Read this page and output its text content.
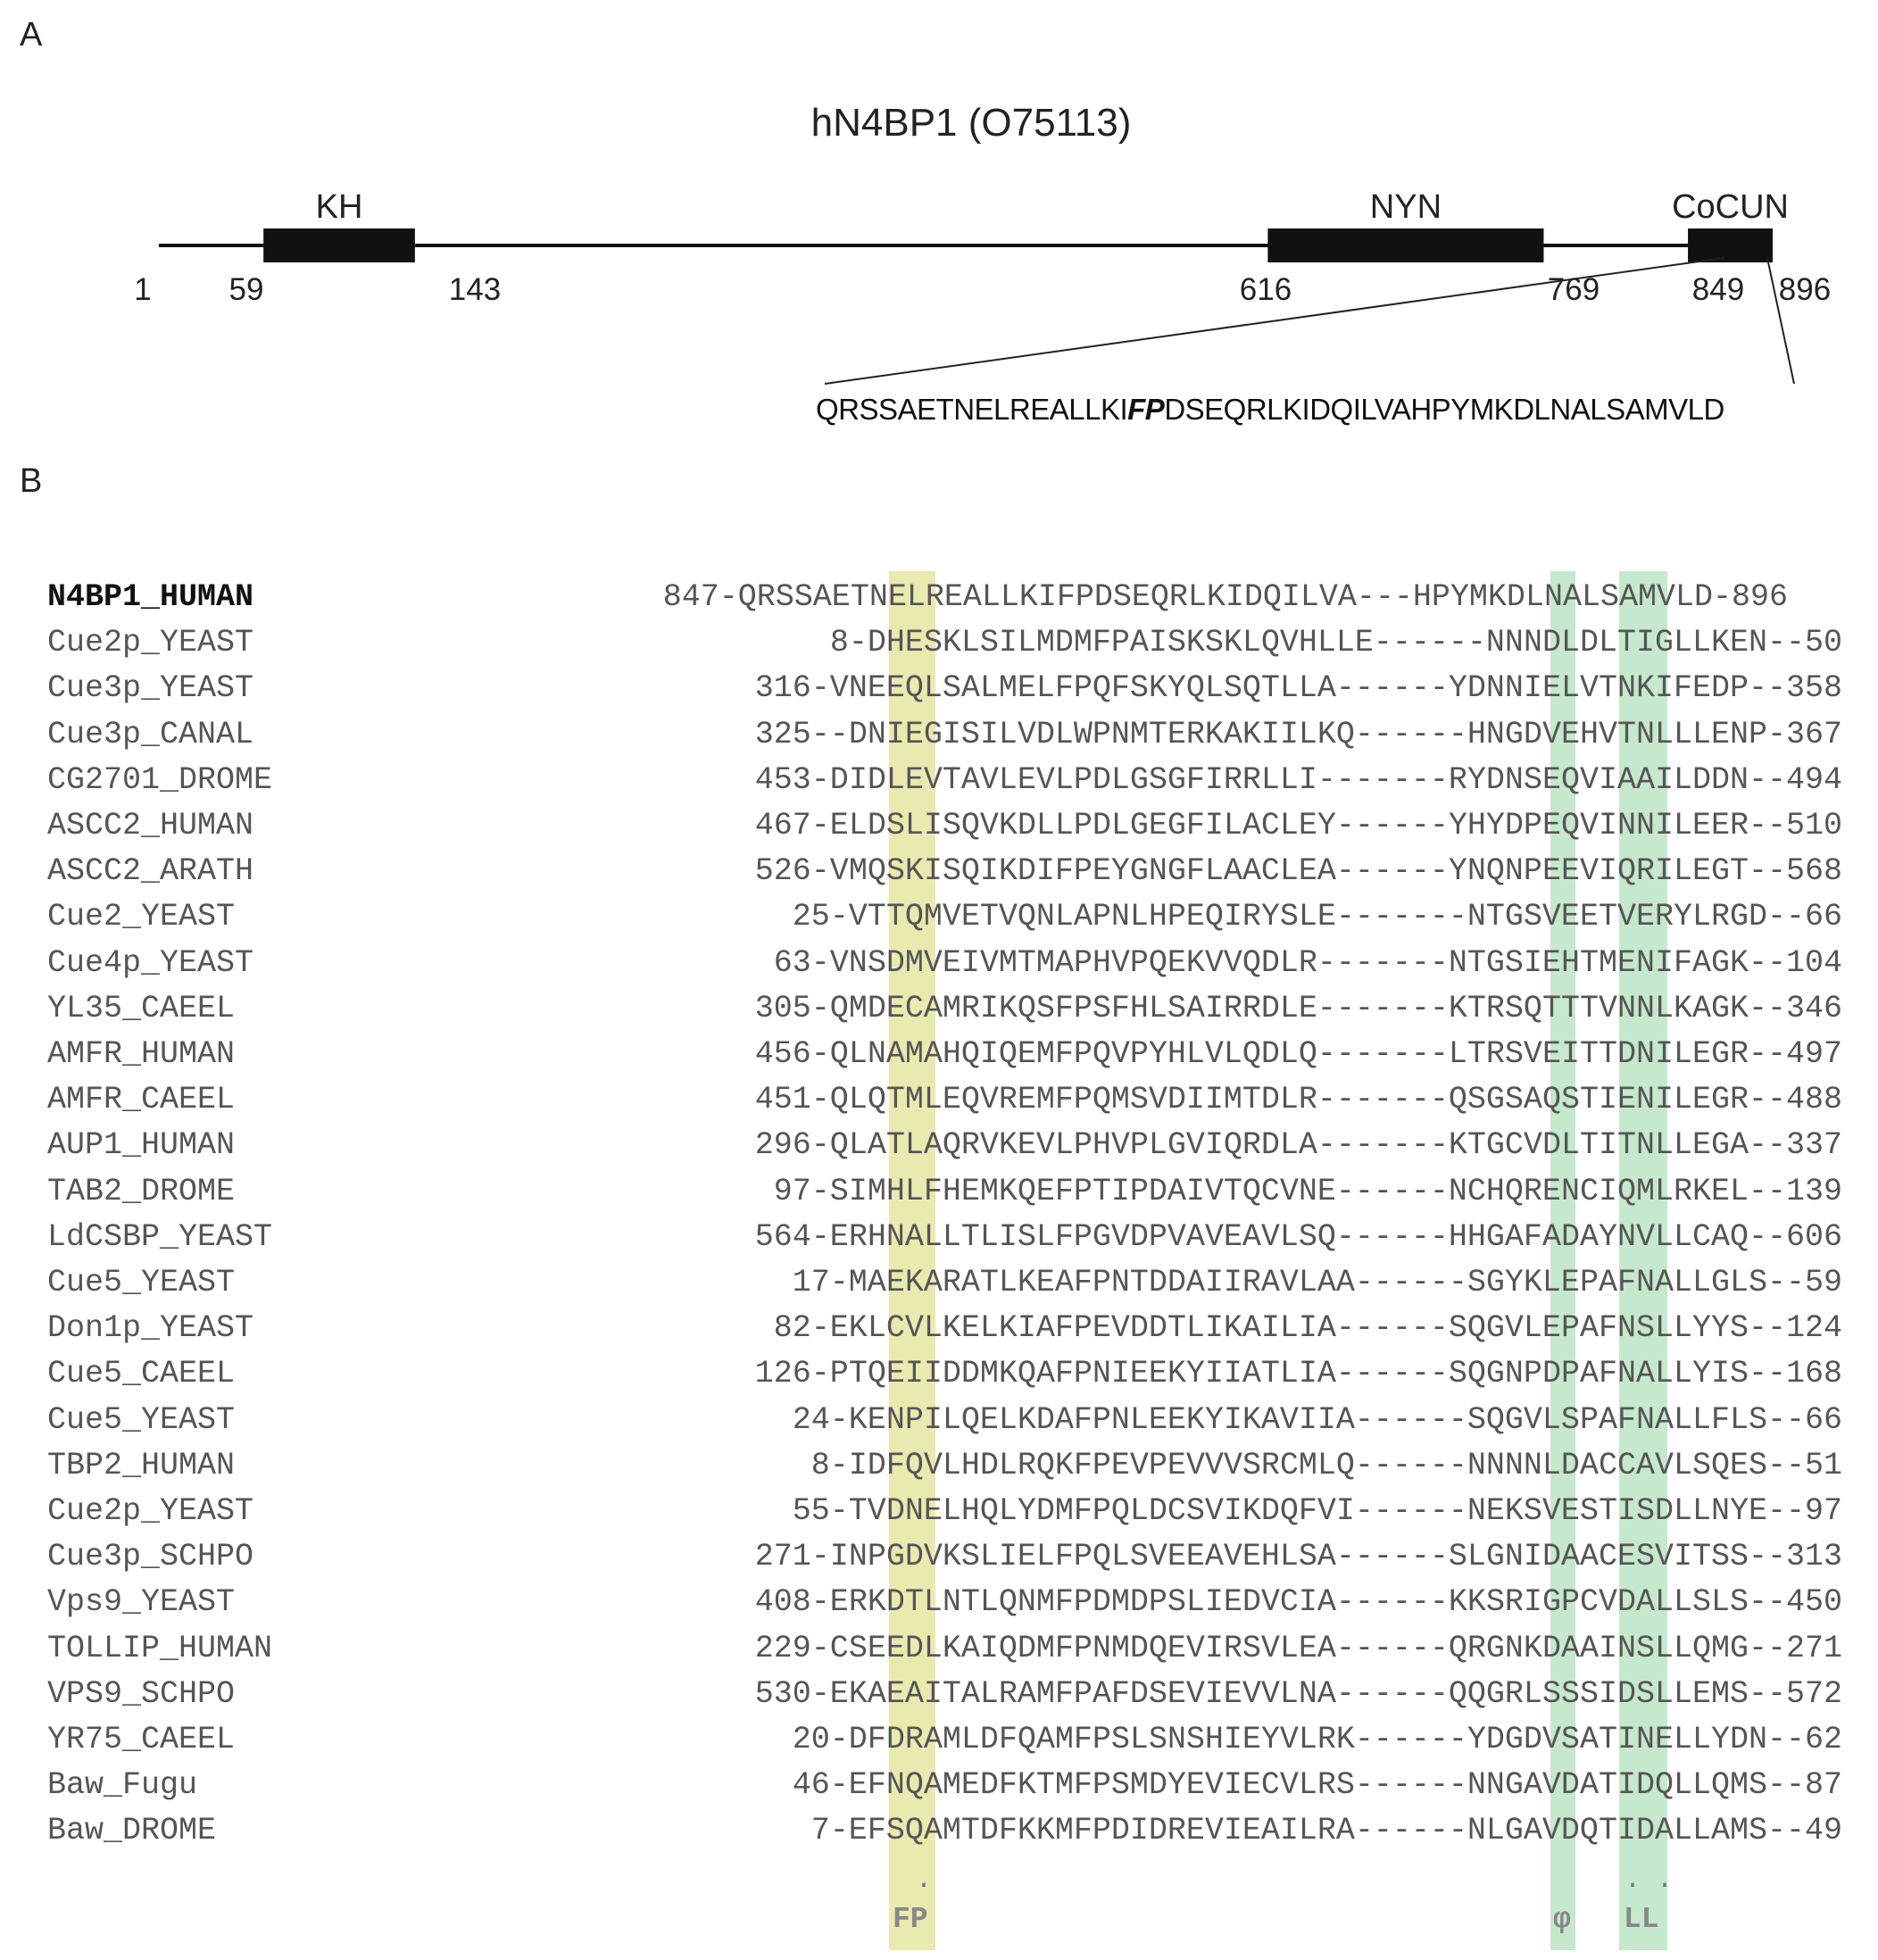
A
hN4BP1 (O75113)
KH	NYN	CoCUN
1 59	143	616	769	849 896
QRSSAETNELREALLKIFPDSEQRLKIDQILVAHPYMKDLNALSAMVLD
B
N4BP1_HUMAN	847-QRSSAETNELREALLKIFPDSEQRLKIDQILVA---HPYMKDLNALSAMVLD-896
Cue2p_YEAST	8-DHESKLSILMDMFPAISKSKLQVHLLE------NNNDLDLTIGLLKEN--50
Cue3p_YEAST	316-VNEEQLSALMELFPQFSKYQLSQTLLA------YDNNIELVTNKIFEDP--358
Cue3p_CANAL	325--DNIEGISILVDLWPNMTERKAKIILKQ------HNGDVEHVTNLLLENP-367
CG2701_DROME	453-DIDLEVTAVLEVLPDLGSGFIRRLLI-------RYDNSEQVIAAILDDN--494
ASCC2_HUMAN	467-ELDSLISQVKDLLPDLGEGFILACLEY------YHYDPEQVINNILEER--510
ASCC2_ARATH	526-VMQSKISQIKDIFPEYGNGFLAACLEA------YNQNPEEVIQRILEGT--568
Cue2_YEAST	25-VTTQMVETVQNLAPNLHPEQIRYSLE-------NTGSVEETVERYLRGD--66
Cue4p_YEAST	63-VNSDMVEIVMTMAPHVPQEKVVQDLR-------NTGSIEHTMENIFAGK--104
YL35_CAEEL	305-QMDECAMRIKQSFPSFHLSAIRRDLE-------KTRSQTTTVNNLKAGK--346
AMFR_HUMAN	456-QLNAMAHQIQEMFPQVPYHLVLQDLQ-------LTRSVEITTDNILEGR--497
AMFR_CAEEL	451-QLQTMLEQVREMFPQMSVDIIMTDLR-------QSGSAQSTIENILEGR--488
AUP1_HUMAN	296-QLATLAQRVKEVLPHVPLGVIQRDLA-------KTGCVDLTITNLLEGA--337
TAB2_DROME	97-SIMHLFHEMKQEFPTIPDAIVTQCVNE------NCHQRENCIQMLRKEL--139
LdCSBP_YEAST	564-ERHNALLTLISLFPGVDPVAVEAVLSQ------HHGAFADAYNVLLCAQ--606
Cue5_YEAST	17-MAEKARATLKEAFPNTDDAIIRAVLAA------SGYKLEPAFNALLGLS--59
Don1p_YEAST	82-EKLCVLKELKIAFPEVDDTLIKAILIA------SQGVLEPAFNSLLYYS--124
Cue5_CAEEL	126-PTQEIIDDMKQAFPNIEEKYIIATLIA------SQGNPDPAFNALLYIS--168
Cue5_YEAST	24-KENPILQELKDAFPNLEEKYIKAVIIA------SQGVLSPAFNALLFLS--66
TBP2_HUMAN	8-IDFQVLHDLRQKFPEVPEVVVSRCMLQ------NNNNLDACCAVLSQES--51
Cue2p_YEAST	55-TVDNELHQLYDMFPQLDCSVIKDQFVI------NEKSVESTISDLLNYE--97
Cue3p_SCHPO	271-INPGDVKSLIELFPQLSVEEAVEHLSA------SLGNIDAACESVITSS--313
Vps9_YEAST	408-ERKDTLNTLQNMFPDMDPSLIEDVCIA------KKSRIGPCVDALLSLS--450
TOLLIP_HUMAN	229-CSEEDLKAIQDMFPNMDQEVIRSVLEA------QRGNKDAAINSLLQMG--271
VPS9_SCHPO	530-EKAEAITALRAMFPAFDSEVIEVVLNA------QQGRLSSSIDSLLEMS--572
YR75_CAEEL	20-DFDRAMLDFQAMFPSLSNSHIEYVLRK------YDGDVSATINELLYDN--62
Baw_Fugu	46-EFNQAMEDFKTMFPSMDYEVIECVLRS------NNGAVDATIDQLLQMS--87
Baw_DROME	7-EFSQAMTDFKKMFPDIDREVIEAILRA------NLGAVDQTIDALLAMS--49
.	. .
FP	φ LL
